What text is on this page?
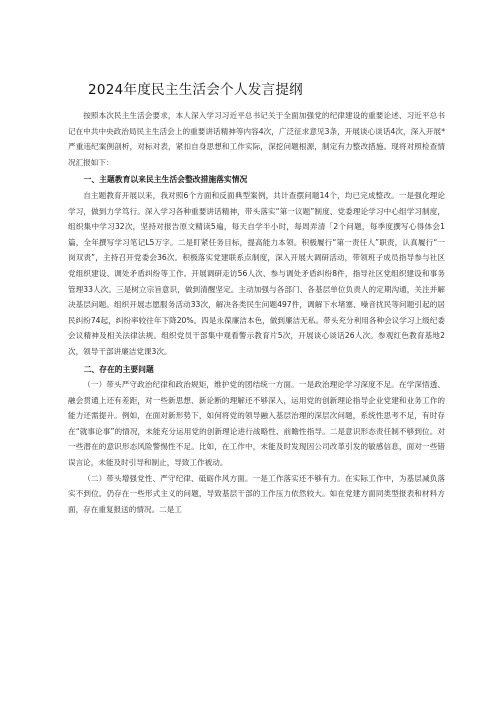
2024年度民主生活会个人发言提纲

按照本次民主生活会要求，本人深入学习习近平总书记关于全面加强党的纪律建设的重要论述、习近平总书记在中共中央政治局民主生活会上的重要讲话精神等内容4次，广泛征求意见3条，开展谈心谈话4次，深入开展*严重违纪案例剖析，对标对表，紧扣自身思想和工作实际，深挖问题根源，制定有力整改措施。现将对照检查情况汇报如下：

一、主题教育以来民主生活会整改措施落实情况

自主题教育开展以来，我对照6个方面和反面典型案例，共计查摆问题14个，均已完成整改。一是强化理论学习，做到力学笃行。深入学习各种重要讲话精神，带头落实“第一议题”制度、党委理论学习中心组学习制度，组织集中学习32次，坚持对报告原文精读5遍，每天自学半小时，每周弄清「2个问题，每季度撰写心得体会1篇，全年撰写学习笔记L5万字。二是盯紧任务目标，提高能力本领。积极履行“第一责任人”职责，认真履行“一岗双责”，主持召开党委会36次。积极落实党建联系点制度，深入开展大调研活动，带领班子成员指导参与社区党组织建设、调处矛盾纠纷等工作。开展调研走访56人次、参与调处矛盾纠纷8件，指导社区党组织建设和事务管理33人次。三是树立宗旨意识，做到清醒坚定。主动加强与各部门、各基层单位负责人的定期沟通，关注并解决基层问题。组织开展志愿服务活动33次，解决各类民生问题497件，调解下水堵塞、噪音扰民等问题引起的居民纠纷74起，纠纷率较往年下降20%。四是永葆廉洁本色，做到廉洁无私。带头充分利用各种会议学习上级纪委会议精神及相关法律法规。组织党员干部集中观看警示教育片5次，开展谈心谈话26人次。参观红色教育基地2次，领导干部讲廉洁党课3次。

二、存在的主要问题

（一）带头严守政治纪律和政治规矩，维护党的团结统一方面。一是政治理论学习深度不足。在学深悟透、融会贯通上还有差距，对一些新思想、新论断的理解还不够深入，运用党的创新理论指导企业党建和业务工作的能力还需提升。例如，在面对新形势下，如何将党的领导融入基层治理的深层次问题，系统性思考不足，有时存在“就事论事”的情况，未能充分运用党的创新理论进行战略性、前瞻性指导。二是意识形态责任制不够到位。对一些潜在的意识形态风险警惕性不足。比如，在工作中，未能及时发现因公司改革引发的敏感信息，面对一些错误言论，未能及时引导和制止，导致工作被动。

（二）带头增强党性、严守纪律、砥砺作风方面。一是工作落实还不够有力。在实际工作中，为基层减负落实不到位。仍存在一些形式主义的问题，导致基层干部的工作压力依然较大。如在党建方面同类型报表和材料方面，存在重复报送的情况。二是工
